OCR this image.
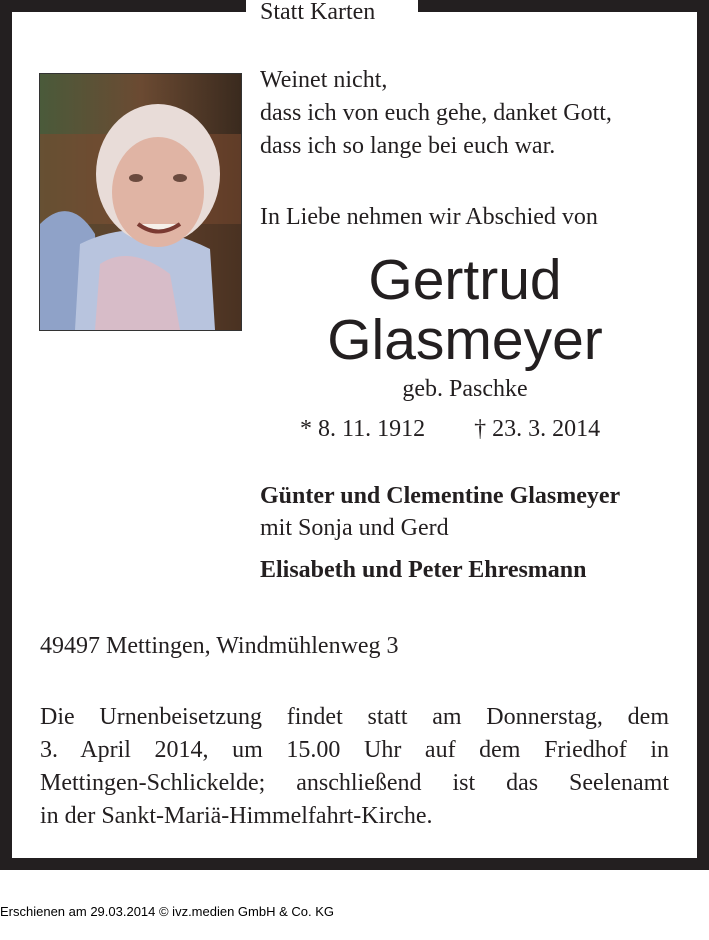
Statt Karten
Weinet nicht,
dass ich von euch gehe, danket Gott,
dass ich so lange bei euch war.
In Liebe nehmen wir Abschied von
Gertrud
Glasmeyer
geb. Paschke
* 8. 11. 1912 † 23. 3. 2014
Günter und Clementine Glasmeyer
mit Sonja und Gerd
Elisabeth und Peter Ehresmann
49497 Mettingen, Windmühlenweg 3
Die Urnenbeisetzung findet statt am Donnerstag, dem
3. April 2014, um 15.00 Uhr auf dem Friedhof in
Mettingen-Schlickelde; anschließend ist das Seelenamt
in der Sankt-Mariä-Himmelfahrt-Kirche.
Erschienen am 29.03.2014 © ivz.medien GmbH & Co. KG
